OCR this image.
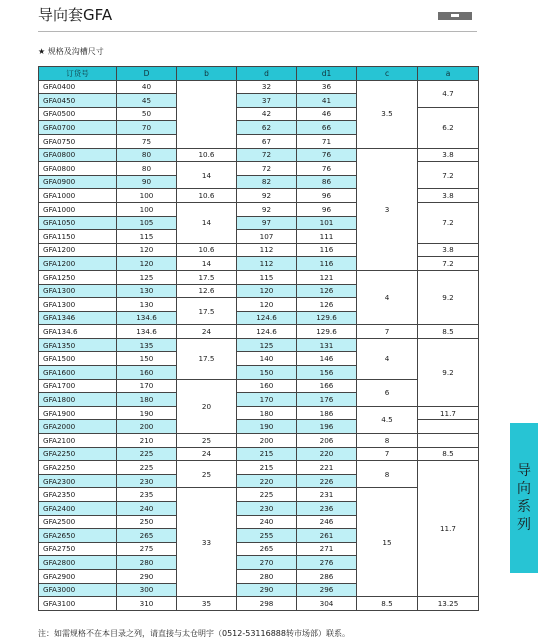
导向套GFA
★ 规格及沟槽尺寸
订货号	D	b	d	d1	c	a
GFA0400	40		32	36	3.5	4.7
GFA0450	45		37	41		
GFA0500	50		42	46		6.2
GFA0700	70		62	66		
GFA0750	75		67	71		
GFA0800	80	10.6	72	76	3	3.8
GFA0800	80	14	72	76		7.2
GFA0900	90		82	86		
GFA1000	100	10.6	92	96		3.8
GFA1000	100	14	92	96		7.2
GFA1050	105		97	101		
GFA1150	115		107	111		
GFA1200	120	10.6	112	116		3.8
GFA1200	120	14	112	116		7.2
GFA1250	125	17.5	115	121	4	9.2
GFA1300	130	12.6	120	126		
GFA1300	130	17.5	120	126		
GFA1346	134.6		124.6	129.6		
GFA134.6	134.6	24	124.6	129.6	7	8.5
GFA1350	135	17.5	125	131	4	9.2
GFA1500	150		140	146		
GFA1600	160		150	156		
GFA1700	170	20	160	166	6	
GFA1800	180		170	176		
GFA1900	190		180	186	4.5	11.7
GFA2000	200		190	196		
GFA2100	210	25	200	206	8	
GFA2250	225	24	215	220	7	8.5
GFA2250	225	25	215	221	8	11.7
GFA2300	230		220	226		
GFA2350	235	33	225	231	15	
GFA2400	240		230	236		
GFA2500	250		240	246		
GFA2650	265		255	261		
GFA2750	275		265	271		
GFA2800	280		270	276		
GFA2900	290		280	286		
GFA3000	300		290	296		
GFA3100	310	35	298	304	8.5	13.25
导
向
系
列
注：如需规格不在本目录之列，请直接与太仓明宇（0512-53116888转市场部）联系。
